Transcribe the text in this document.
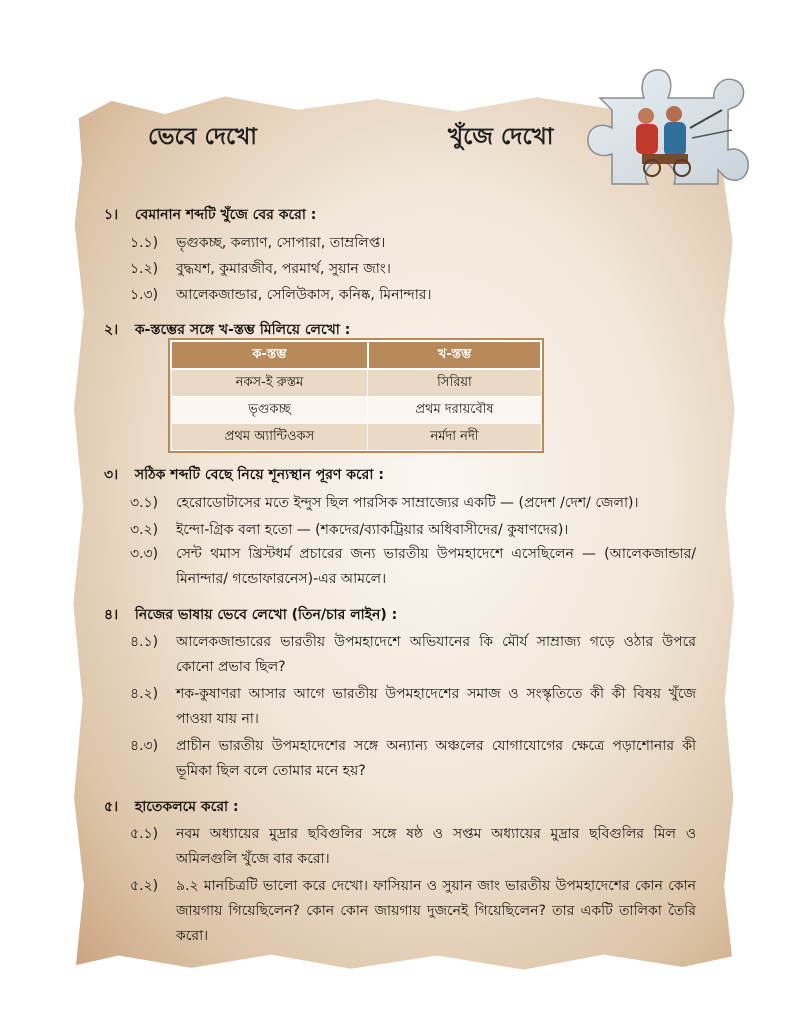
ভেবে দেখো	খুঁজে দেখো
১। বেমানান শব্দটি খুঁজে বের করো :
১.১) ভৃগুকচ্ছ, কল্যাণ, সোপারা, তাম্রলিপ্ত।
১.২) বুদ্ধযশ, কুমারজীব, পরমার্থ, সুয়ান জাং।
১.৩) আলেকজান্ডার, সেলিউকাস, কনিষ্ক, মিনান্দার।
২। ক-স্তম্ভের সঙ্গে খ-স্তম্ভ মিলিয়ে লেখো :
ক-স্তম্ভ	খ-স্তম্ভ
নকস-ই রুস্তম	সিরিয়া
ভৃগুকচ্ছ	প্রথম দরায়বৌষ
প্রথম অ্যান্টিওকস	নর্মদা নদী
৩। সঠিক শব্দটি বেছে নিয়ে শূন্যস্থান পূরণ করো :
৩.১) হেরোডোটাসের মতে ইন্দুস ছিল পারসিক সাম্রাজ্যের একটি — (প্রদেশ /দেশ/ জেলা)।
৩.২) ইন্দো-গ্রিক বলা হতো — (শকদের/ব্যাকট্রিয়ার অধিবাসীদের/ কুষাণদের)।
৩.৩) সেন্ট থমাস খ্রিস্টধর্ম প্রচারের জন্য ভারতীয় উপমহাদেশে এসেছিলেন — (আলেকজান্ডার/ মিনান্দার/ গন্ডোফারনেস)-এর আমলে।
৪। নিজের ভাষায় ভেবে লেখো (তিন/চার লাইন) :
৪.১) আলেকজান্ডারের ভারতীয় উপমহাদেশে অভিযানের কি মৌর্য সাম্রাজ্য গড়ে ওঠার উপরে কোনো প্রভাব ছিল?
৪.২) শক-কুষাণরা আসার আগে ভারতীয় উপমহাদেশের সমাজ ও সংস্কৃতিতে কী কী বিষয় খুঁজে পাওয়া যায় না।
৪.৩) প্রাচীন ভারতীয় উপমহাদেশের সঙ্গে অন্যান্য অঞ্চলের যোগাযোগের ক্ষেত্রে পড়াশোনার কী ভূমিকা ছিল বলে তোমার মনে হয়?
৫। হাতেকলমে করো :
৫.১) নবম অধ্যায়ের মুদ্রার ছবিগুলির সঙ্গে ষষ্ঠ ও সপ্তম অধ্যায়ের মুদ্রার ছবিগুলির মিল ও অমিলগুলি খুঁজে বার করো।
৫.২) ৯.২ মানচিত্রটি ভালো করে দেখো। ফাসিয়ান ও সুয়ান জাং ভারতীয় উপমহাদেশের কোন কোন জায়গায় গিয়েছিলেন? কোন কোন জায়গায় দুজনেই গিয়েছিলেন? তার একটি তালিকা তৈরি করো।
